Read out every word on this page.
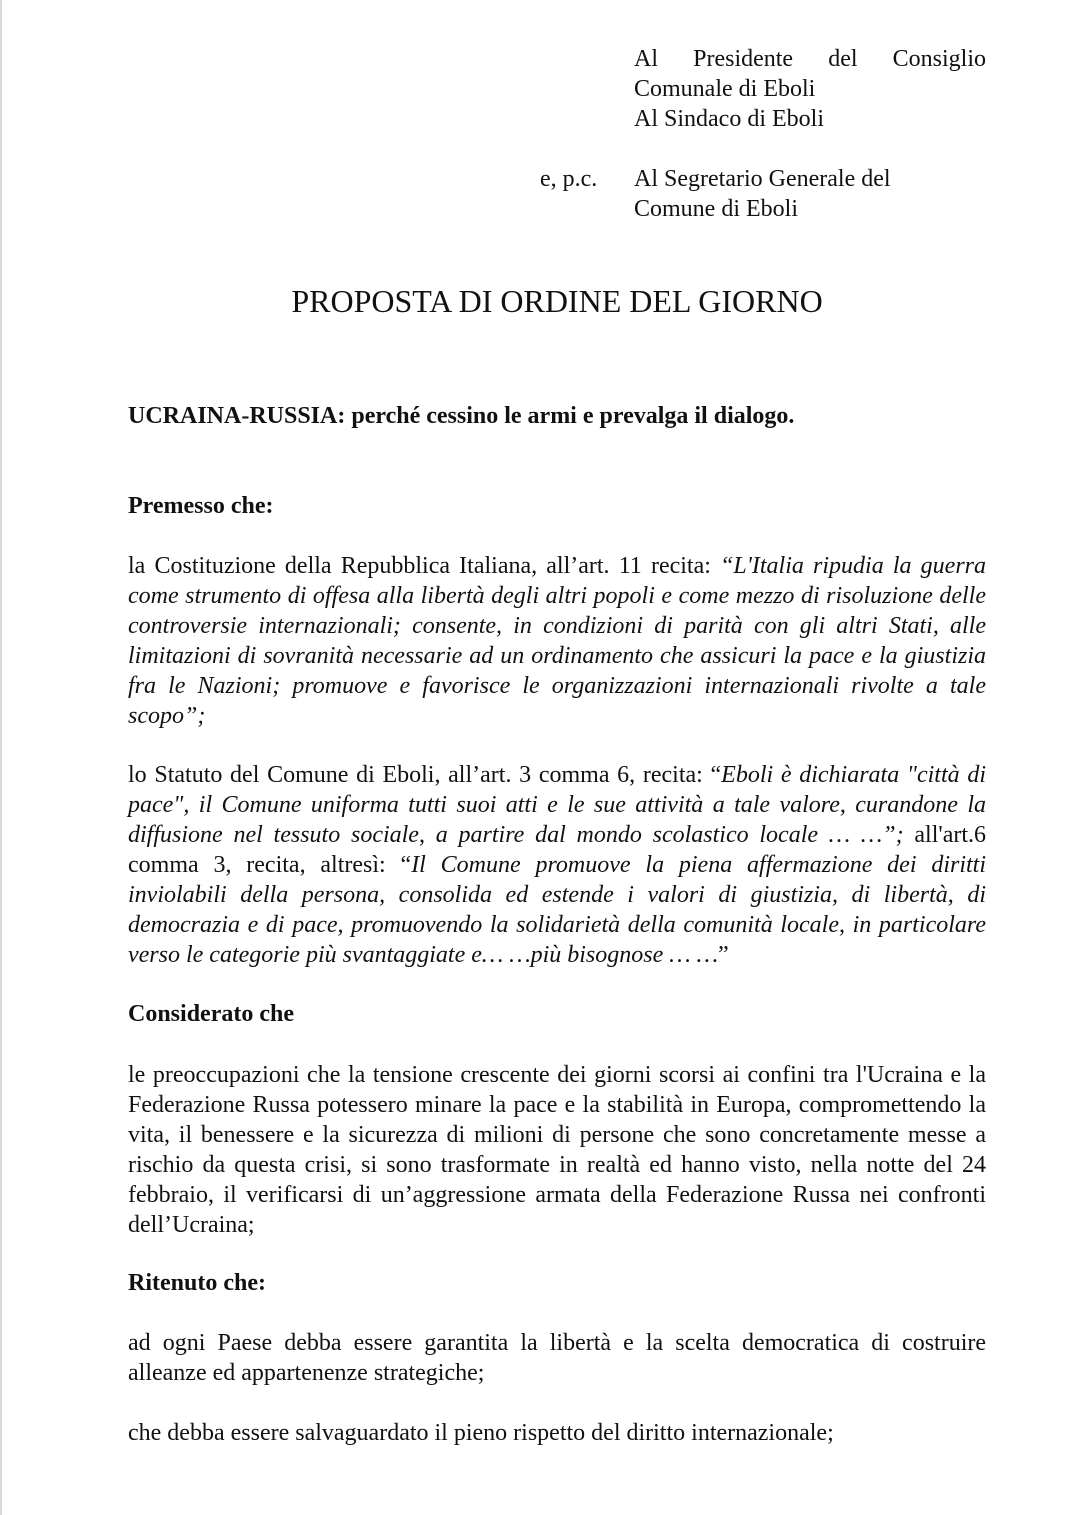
Al Presidente del Consiglio
Comunale di Eboli
Al Sindaco di Eboli
e, p.c. Al Segretario Generale del
Comune di Eboli
PROPOSTA DI ORDINE DEL GIORNO
UCRAINA-RUSSIA: perché cessino le armi e prevalga il dialogo.
Premesso che:
la Costituzione della Repubblica Italiana, all’art. 11 recita: “L'Italia ripudia la guerra come strumento di offesa alla libertà degli altri popoli e come mezzo di risoluzione delle controversie internazionali; consente, in condizioni di parità con gli altri Stati, alle limitazioni di sovranità necessarie ad un ordinamento che assicuri la pace e la giustizia fra le Nazioni; promuove e favorisce le organizzazioni internazionali rivolte a tale scopo”;
lo Statuto del Comune di Eboli, all’art. 3 comma 6, recita: “Eboli è dichiarata "città di pace", il Comune uniforma tutti suoi atti e le sue attività a tale valore, curandone la diffusione nel tessuto sociale, a partire dal mondo scolastico locale … …”; all'art.6 comma 3, recita, altresì: “Il Comune promuove la piena affermazione dei diritti inviolabili della persona, consolida ed estende i valori di giustizia, di libertà, di democrazia e di pace, promuovendo la solidarietà della comunità locale, in particolare verso le categorie più svantaggiate e… …più bisognose … …”
Considerato che
le preoccupazioni che la tensione crescente dei giorni scorsi ai confini tra l'Ucraina e la Federazione Russa potessero minare la pace e la stabilità in Europa, compromettendo la vita, il benessere e la sicurezza di milioni di persone che sono concretamente messe a rischio da questa crisi, si sono trasformate in realtà ed hanno visto, nella notte del 24 febbraio, il verificarsi di un’aggressione armata della Federazione Russa nei confronti dell’Ucraina;
Ritenuto che:
ad ogni Paese debba essere garantita la libertà e la scelta democratica di costruire alleanze ed appartenenze strategiche;
che debba essere salvaguardato il pieno rispetto del diritto internazionale;
